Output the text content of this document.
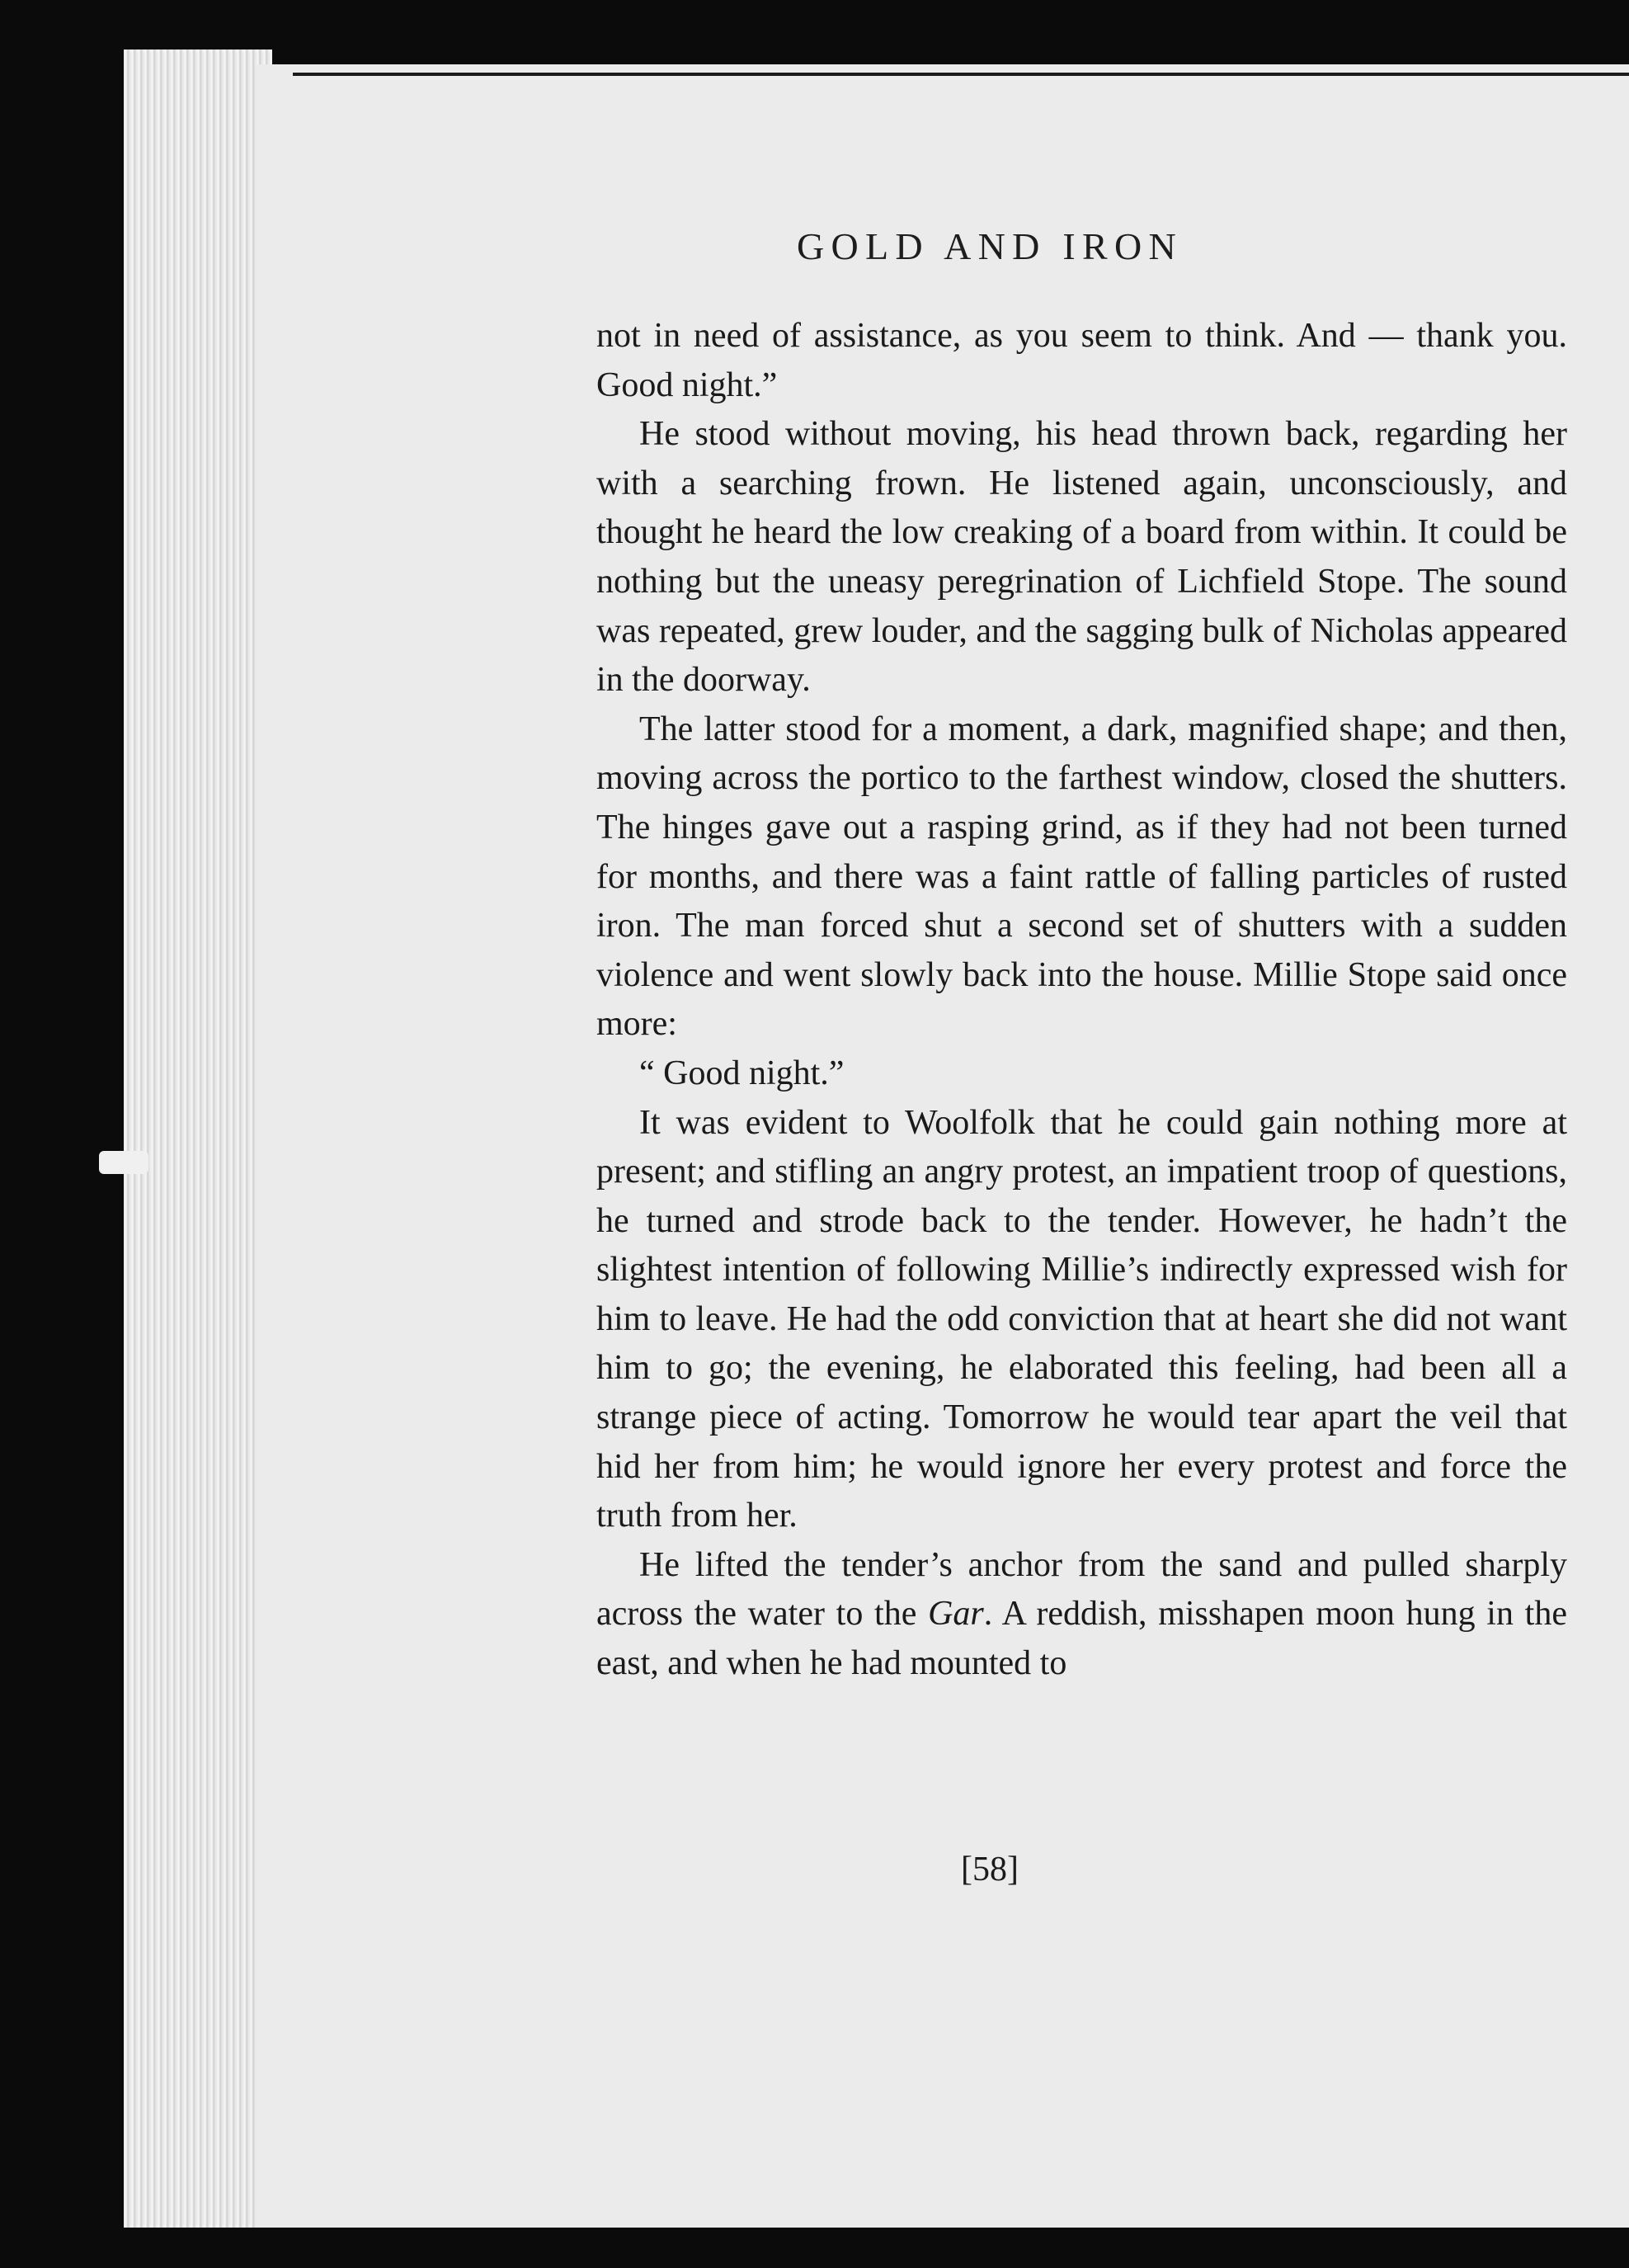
GOLD AND IRON

not in need of assistance, as you seem to think. And — thank you. Good night.”

He stood without moving, his head thrown back, regarding her with a searching frown. He listened again, unconsciously, and thought he heard the low creaking of a board from within. It could be nothing but the uneasy peregrination of Lichfield Stope. The sound was repeated, grew louder, and the sagging bulk of Nicholas appeared in the doorway.

The latter stood for a moment, a dark, magnified shape; and then, moving across the portico to the farthest window, closed the shutters. The hinges gave out a rasping grind, as if they had not been turned for months, and there was a faint rattle of falling particles of rusted iron. The man forced shut a second set of shutters with a sudden violence and went slowly back into the house. Millie Stope said once more:

“ Good night.”

It was evident to Woolfolk that he could gain nothing more at present; and stifling an angry protest, an impatient troop of questions, he turned and strode back to the tender. However, he hadn’t the slightest intention of following Millie’s indirectly expressed wish for him to leave. He had the odd conviction that at heart she did not want him to go; the evening, he elaborated this feeling, had been all a strange piece of acting. Tomorrow he would tear apart the veil that hid her from him; he would ignore her every protest and force the truth from her.

He lifted the tender’s anchor from the sand and pulled sharply across the water to the Gar. A reddish, misshapen moon hung in the east, and when he had mounted to

[58]
